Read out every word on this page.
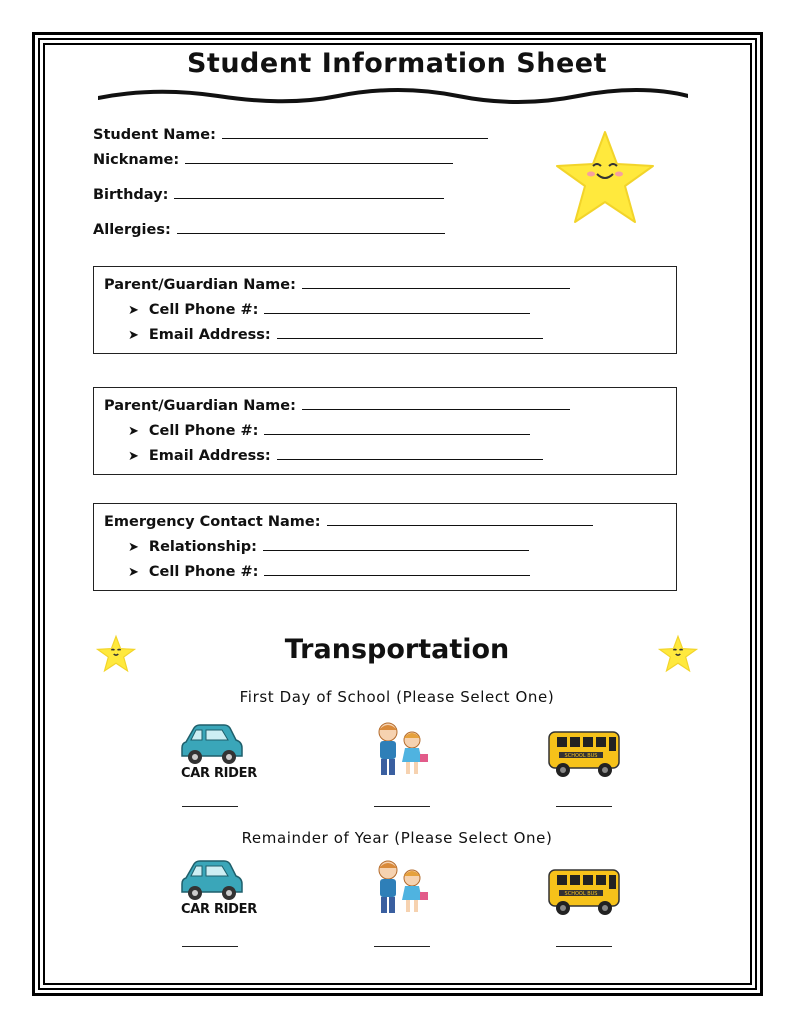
Student Information Sheet
Student Name:
Nickname:
Birthday:
Allergies:
Parent/Guardian Name:
➤ Cell Phone #:
➤ Email Address:
Parent/Guardian Name:
➤ Cell Phone #:
➤ Email Address:
Emergency Contact Name:
➤ Relationship:
➤ Cell Phone #:
Transportation
First Day of School (Please Select One)
Remainder of Year (Please Select One)
CAR RIDER
SCHOOL BUS
CAR RIDER
SCHOOL BUS
